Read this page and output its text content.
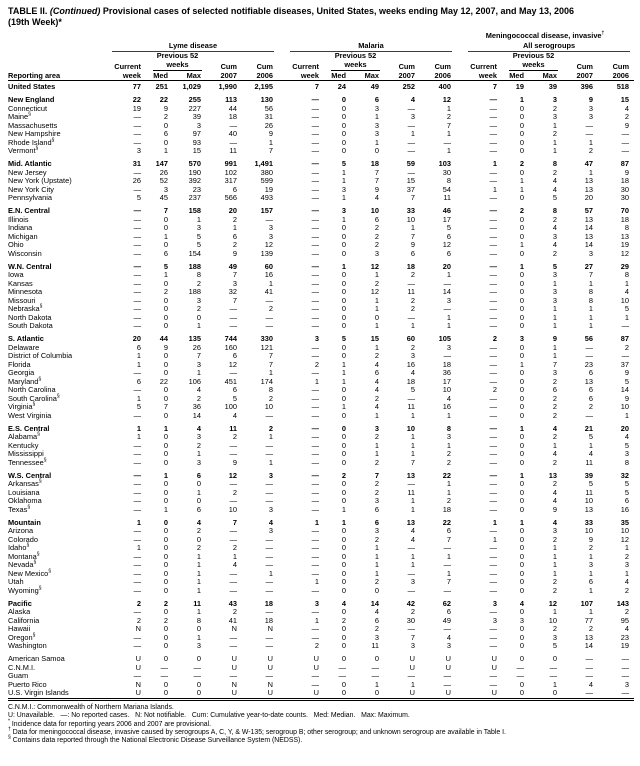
TABLE II. (Continued) Provisional cases of selected notifiable diseases, United States, weeks ending May 12, 2007, and May 13, 2006
(19th Week)*
Reporting area											Meningococcal disease, invasive†

	Lyme disease					Malaria					All serogroups				

	Current week	Previous 52 weeks		Cum 2007	Cum 2006	Current week	Previous 52 weeks		Cum 2007	Cum 2006	Current week	Previous 52 weeks		Cum 2007	Cum 2006
		Med	Max				Med	Max				Med	Max		

United States	77	251	1,029	1,990	2,195	7	24	49	252	400	7	19	39	396	518

New England	22	22	255	113	130	—	0	6	4	12	—	1	3	9	15
Connecticut	19	9	227	44	56	—	0	3	—	1	—	0	2	3	4
Maine§	—	2	39	18	31	—	0	1	3	2	—	0	3	3	2
Massachusetts	—	0	3	—	26	—	0	3	—	7	—	0	1	—	9
New Hampshire	—	6	97	40	9	—	0	3	1	1	—	0	2	—	—
Rhode Island§	—	0	93	—	1	—	0	1	—	—	—	0	1	1	—
Vermont§	3	1	15	11	7	—	0	0	—	1	—	0	1	2	—

Mid. Atlantic	31	147	570	991	1,491	—	5	18	59	103	1	2	8	47	87
New Jersey	—	26	190	102	380	—	1	7	—	30	—	0	2	1	9
New York (Upstate)	26	52	392	317	599	—	1	7	15	8	—	1	4	13	18
New York City	—	3	23	6	19	—	3	9	37	54	1	1	4	13	30
Pennsylvania	5	45	237	566	493	—	1	4	7	11	—	0	5	20	30

E.N. Central	—	7	158	20	157	—	3	10	33	46	—	2	8	57	70
Illinois	—	0	1	2	—	—	1	6	10	17	—	0	2	13	18
Indiana	—	0	3	1	3	—	0	2	1	5	—	0	4	14	8
Michigan	—	1	5	6	3	—	0	2	7	6	—	0	3	13	13
Ohio	—	0	5	2	12	—	0	2	9	12	—	1	4	14	19
Wisconsin	—	6	154	9	139	—	0	3	6	6	—	0	2	3	12

W.N. Central	—	5	188	49	60	—	1	12	18	20	—	1	5	27	29
Iowa	—	1	8	7	16	—	0	1	2	1	—	0	3	7	8
Kansas	—	0	2	3	1	—	0	2	—	—	—	0	1	1	1
Minnesota	—	2	188	32	41	—	0	12	11	14	—	0	3	8	4
Missouri	—	0	3	7	—	—	0	1	2	3	—	0	3	8	10
Nebraska§	—	0	2	—	2	—	0	1	2	—	—	0	1	1	5
North Dakota	—	0	0	—	—	—	0	0	—	1	—	0	1	1	1
South Dakota	—	0	1	—	—	—	0	1	1	1	—	0	1	1	—

S. Atlantic	20	44	135	744	330	3	5	15	60	105	2	3	9	56	87
Delaware	6	9	26	160	121	—	0	1	2	3	—	0	1	—	2
District of Columbia	1	0	7	6	7	—	0	2	3	—	—	0	1	—	—
Florida	1	0	3	12	7	2	1	4	16	18	—	1	7	23	37
Georgia	—	0	1	—	1	—	1	6	4	36	—	0	3	6	9
Maryland§	6	22	106	451	174	1	1	4	18	17	—	0	2	13	5
North Carolina	—	0	4	6	8	—	0	4	5	10	2	0	6	6	14
South Carolina§	1	0	2	5	2	—	0	2	—	4	—	0	2	6	9
Virginia§	5	7	36	100	10	—	1	4	11	16	—	0	2	2	10
West Virginia	—	0	14	4	—	—	0	1	1	1	—	0	2	—	1

E.S. Central	1	1	4	11	2	—	0	3	10	8	—	1	4	21	20
Alabama§	1	0	3	2	1	—	0	2	1	3	—	0	2	5	4
Kentucky	—	0	2	—	—	—	0	1	1	1	—	0	1	1	5
Mississippi	—	0	1	—	—	—	0	1	1	2	—	0	4	4	3
Tennessee§	—	0	3	9	1	—	0	2	7	2	—	0	2	11	8

W.S. Central	—	1	6	12	3	—	2	7	13	22	—	1	13	39	32
Arkansas§	—	0	0	—	—	—	0	2	—	1	—	0	2	5	5
Louisiana	—	0	1	2	—	—	0	2	11	1	—	0	4	11	5
Oklahoma	—	0	0	—	—	—	0	3	1	2	—	0	4	10	6
Texas§	—	1	6	10	3	—	1	6	1	18	—	0	9	13	16

Mountain	1	0	4	7	4	1	1	6	13	22	1	1	4	33	35
Arizona	—	0	2	—	3	—	0	3	4	6	—	0	3	10	10
Colorado	—	0	0	—	—	—	0	2	4	7	1	0	2	9	12
Idaho§	1	0	2	2	—	—	0	1	—	—	—	0	1	2	1
Montana§	—	0	1	1	—	—	0	1	1	1	—	0	1	1	2
Nevada§	—	0	1	4	—	—	0	1	1	—	—	0	1	3	3
New Mexico§	—	0	1	—	1	—	0	1	—	1	—	0	1	1	1
Utah	—	0	1	—	—	1	0	2	3	7	—	0	2	6	4
Wyoming§	—	0	1	—	—	—	0	0	—	—	—	0	2	1	2

Pacific	2	2	11	43	18	3	4	14	42	62	3	4	12	107	143
Alaska	—	0	1	2	—	—	0	4	2	6	—	0	1	1	2
California	2	2	8	41	18	1	2	6	30	49	3	3	10	77	95
Hawaii	N	0	0	N	N	—	0	2	—	—	—	0	2	2	4
Oregon§	—	0	1	—	—	—	0	3	7	4	—	0	3	13	23
Washington	—	0	3	—	—	2	0	11	3	3	—	0	5	14	19

American Samoa	U	0	0	U	U	U	0	0	U	U	U	0	0	—	—
C.N.M.I.	U	—	—	U	U	U	—	—	U	U	U	—	—	—	—
Guam	—	—	—	—	—	—	—	—	—	—	—	—	—	—	—
Puerto Rico	N	0	0	N	N	—	0	1	1	—	—	0	1	4	3
U.S. Virgin Islands	U	0	0	U	U	U	0	0	U	U	U	0	0	—	—

C.N.M.I.: Commonwealth of Northern Mariana Islands.
U: Unavailable.   —: No reported cases.   N: Not notifiable.   Cum: Cumulative year-to-date counts.   Med: Median.   Max: Maximum.
* Incidence data for reporting years 2006 and 2007 are provisional.
† Data for meningococcal disease, invasive caused by serogroups A, C, Y, & W-135; serogroup B; other serogroup; and unknown serogroup are available in Table I.
§ Contains data reported through the National Electronic Disease Surveillance System (NEDSS).
